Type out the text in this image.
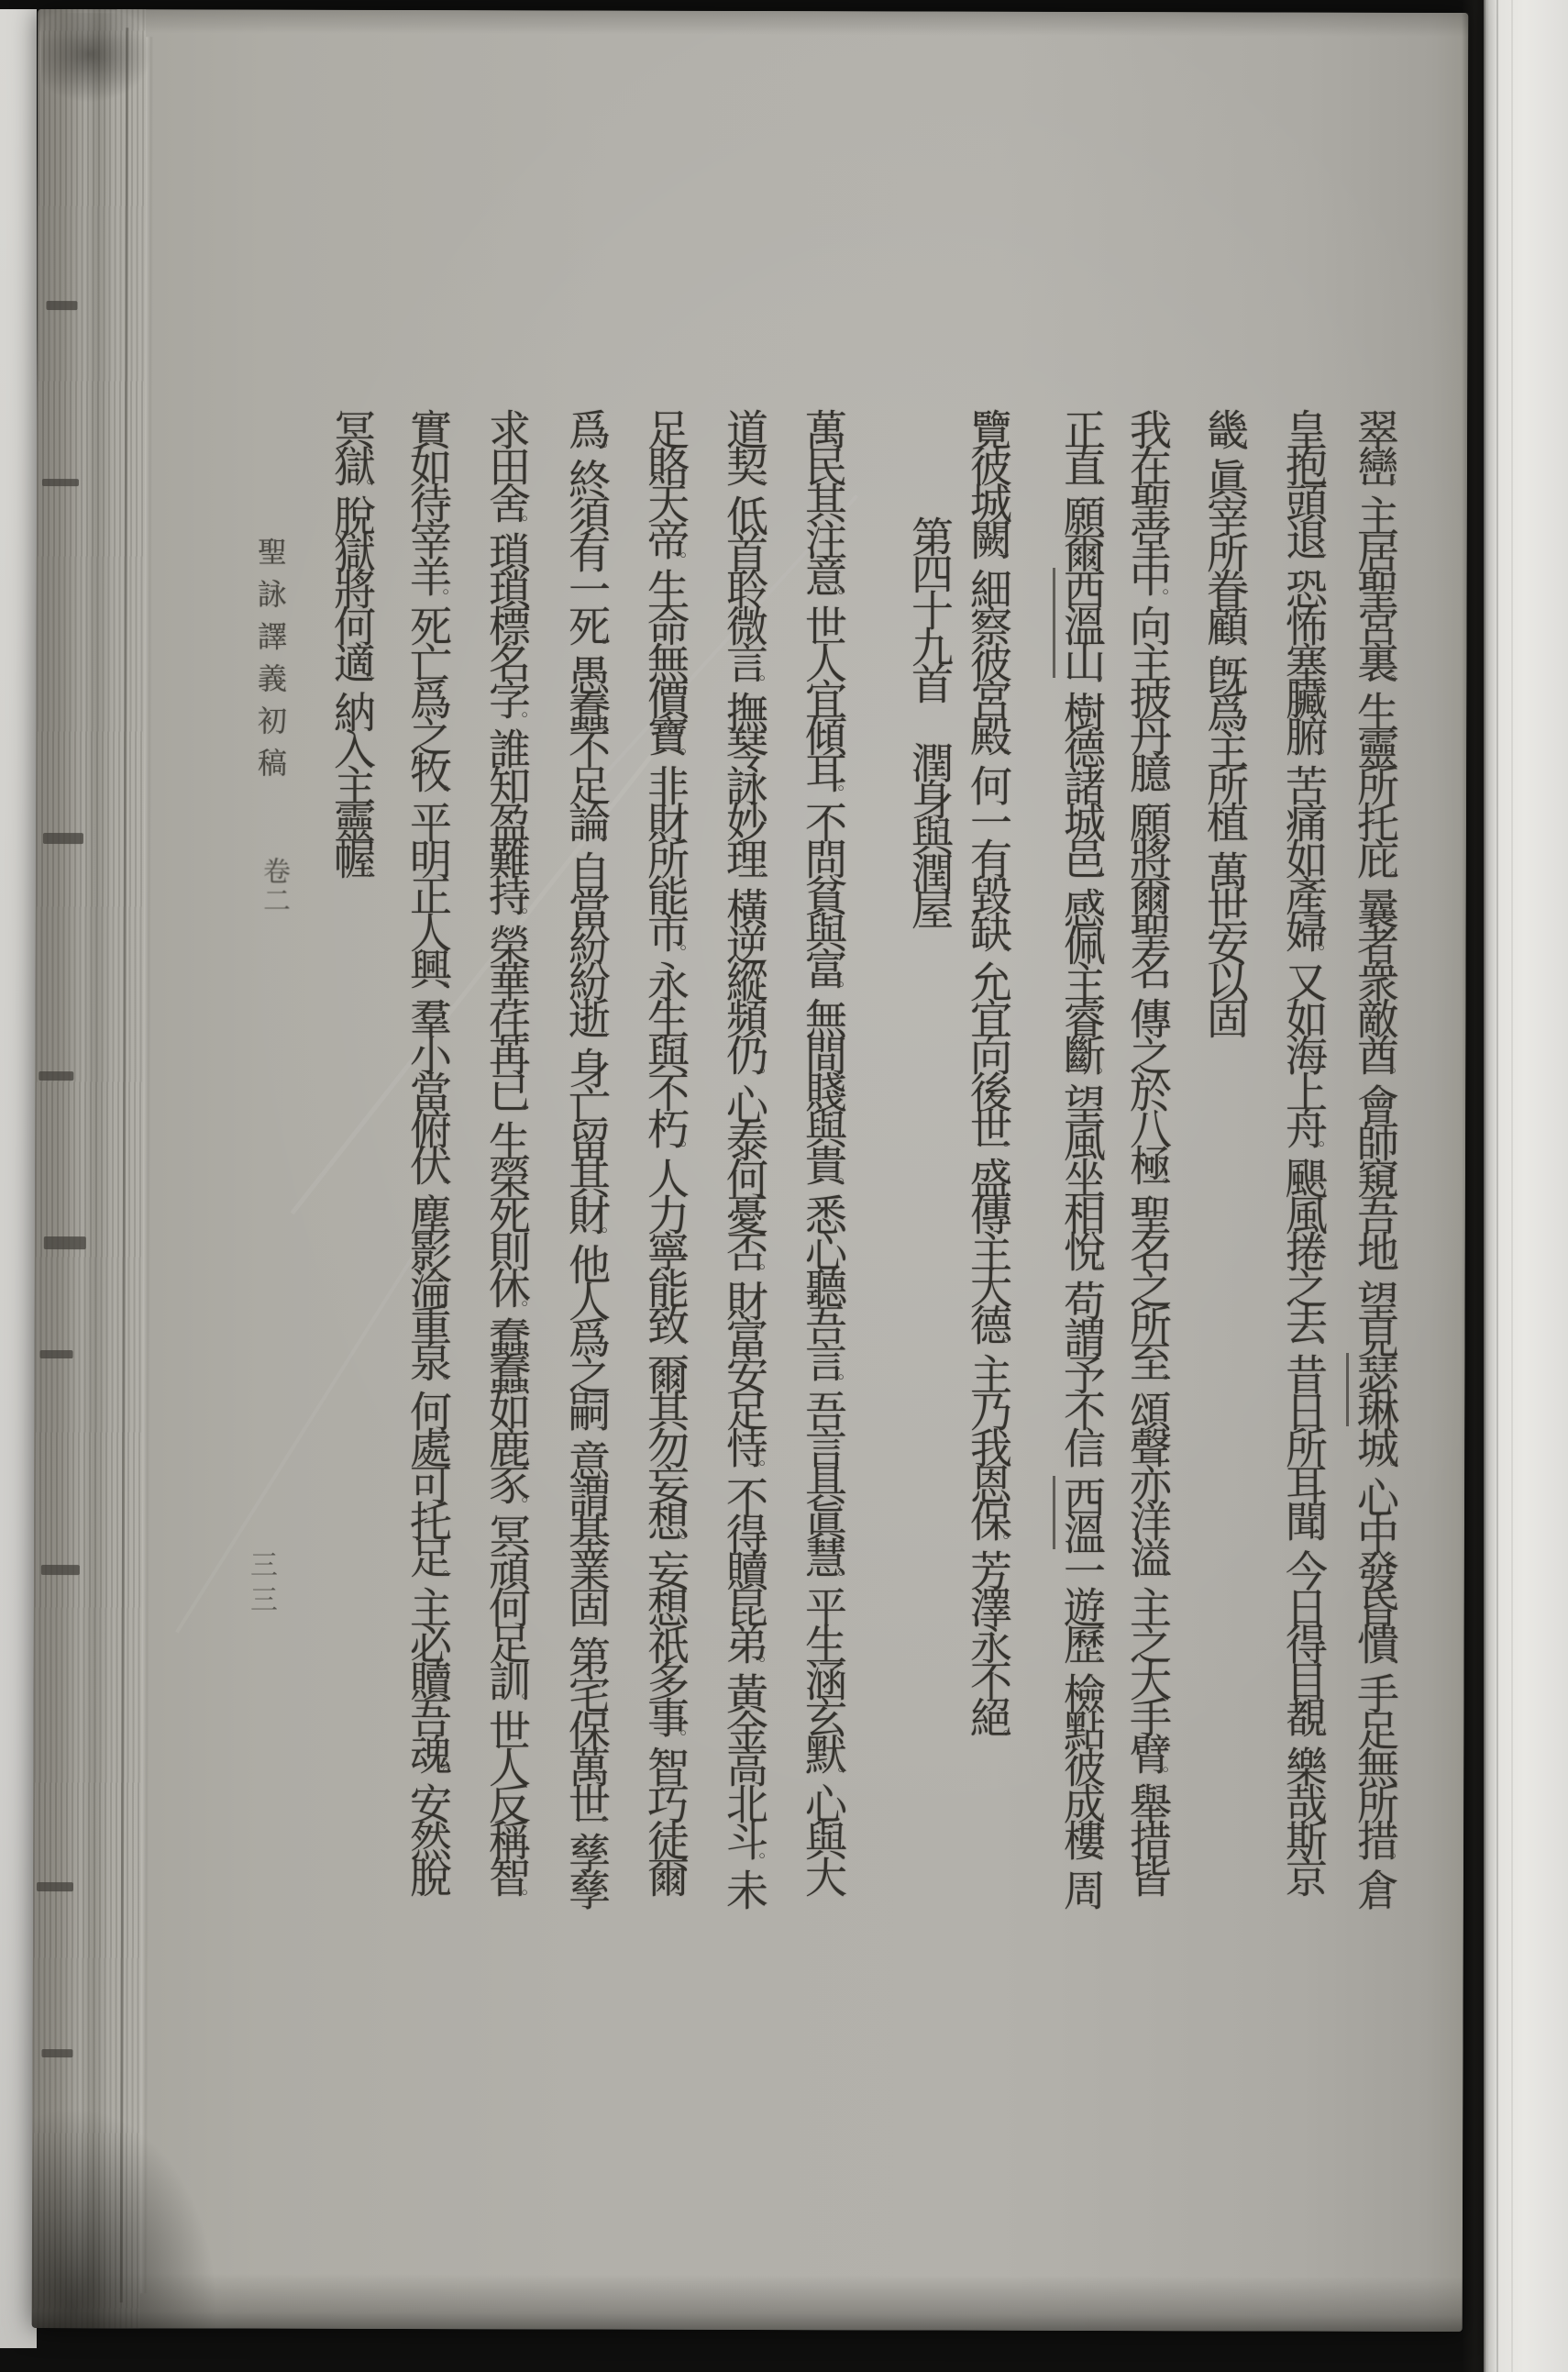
翠巒。主居聖宮裏。生靈所托庇。曩者衆敵酋。會師窺吾地。望見瑟琳城。心中發昏憒。手足無所措。倉
皇抱頭退。恐怖塞臟腑。苦痛如產婦。又如海上舟。颶風捲之去。昔日所耳聞。今日得目覩。樂哉斯京
畿。眞宰所眷顧。旣爲主所植。萬世安以固。
我在聖堂中。向主披丹臆。願將爾聖名。傳之於八極。聖名之所至。頌聲亦洋溢。主之大手臂。舉措皆
正直。願爾西溫山。樹德諸城邑。感佩主睿斷。望風坐相悅。苟謂予不信。西溫一遊歷。檢點彼成樓。周
覽彼城闕。細察彼宮殿。何一有毀缺。允宜向後世。盛傳主大德。主乃我恩保。芳澤永不絕。
第四十九首潤身與潤屋
萬民其注意。世人宜傾耳。不問貧與富。無間賤與貴。悉心聽吾言。吾言具眞慧。平生涵玄默。心與大
道契。低首聆微言。撫琴詠妙理。橫逆縱頻仍。心泰何憂否。財富安足恃。不得贖昆弟。黃金高北斗。未
足賂天帝。生命無價寶。非財所能市。永生與不朽。人力寧能致。爾其勿妄想。妄想祇多事。智巧徒爾
爲。終須有一死。愚蠢不足論。自當紛紛逝。身亡留其財。他人爲之嗣。意謂基業固。第宅保萬世。孳孳
求田舍。瑣瑣標名字。誰知盈難持。榮華荏苒已。生榮死則休。蠢蠢如鹿豕。冥頑何足訓。世人反稱智。
實如待宰羊。死亡爲之牧。平明正人興。羣小當俯伏。塵影淪重泉。何處可托足。主必贖吾魂。安然脫
冥獄。脫獄將何適。納入主靈幄。
聖詠譯義初稿
卷二
三三
